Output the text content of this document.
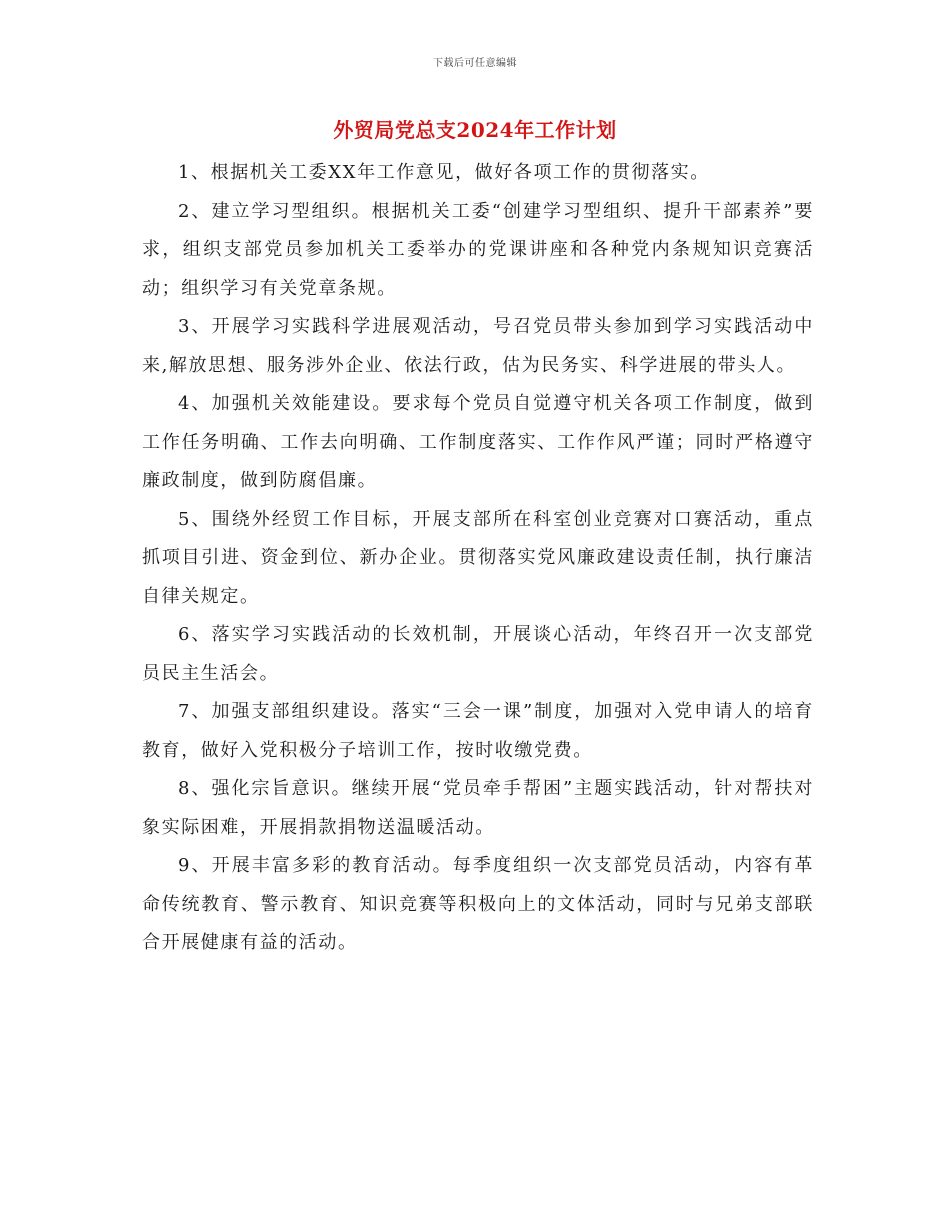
下载后可任意编辑
外贸局党总支2024年工作计划

1、根据机关工委XX年工作意见，做好各项工作的贯彻落实。

2、建立学习型组织。根据机关工委“创建学习型组织、提升干部素养”要求，组织支部党员参加机关工委举办的党课讲座和各种党内条规知识竞赛活动；组织学习有关党章条规。

3、开展学习实践科学进展观活动，号召党员带头参加到学习实践活动中来,解放思想、服务涉外企业、依法行政，估为民务实、科学进展的带头人。

4、加强机关效能建设。要求每个党员自觉遵守机关各项工作制度，做到工作任务明确、工作去向明确、工作制度落实、工作作风严谨；同时严格遵守廉政制度，做到防腐倡廉。

5、围绕外经贸工作目标，开展支部所在科室创业竞赛对口赛活动，重点抓项目引进、资金到位、新办企业。贯彻落实党风廉政建设责任制，执行廉洁自律关规定。

6、落实学习实践活动的长效机制，开展谈心活动，年终召开一次支部党员民主生活会。

7、加强支部组织建设。落实“三会一课”制度，加强对入党申请人的培育教育，做好入党积极分子培训工作，按时收缴党费。

8、强化宗旨意识。继续开展“党员牵手帮困”主题实践活动，针对帮扶对象实际困难，开展捐款捐物送温暖活动。

9、开展丰富多彩的教育活动。每季度组织一次支部党员活动，内容有革命传统教育、警示教育、知识竞赛等积极向上的文体活动，同时与兄弟支部联合开展健康有益的活动。
